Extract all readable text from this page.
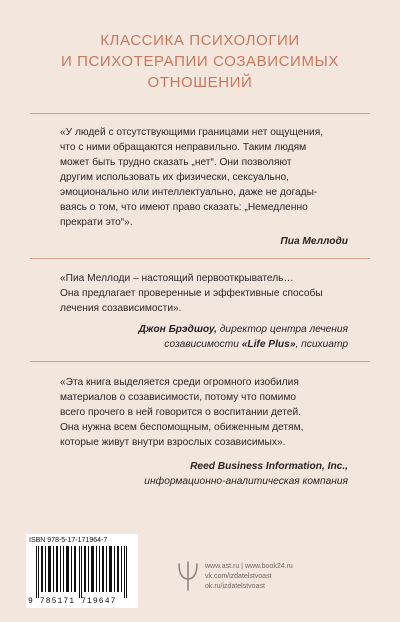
КЛАССИКА ПСИХОЛОГИИ
И ПСИХОТЕРАПИИ СОЗАВИСИМЫХ
ОТНОШЕНИЙ
«У людей с отсутствующими границами нет ощущения,
что с ними обращаются неправильно. Таким людям
может быть трудно сказать „нет“. Они позволяют
другим использовать их физически, сексуально,
эмоционально или интеллектуально, даже не догады-
ваясь о том, что имеют право сказать: „Немедленно
прекрати это“».
Пиа Меллоди
«Пиа Меллоди – настоящий первооткрыватель…
Она предлагает проверенные и эффективные способы
лечения созависимости».
Джон Брэдшоу, директор центра лечения
созависимости «Life Plus», психиатр
«Эта книга выделяется среди огромного изобилия
материалов о созависимости, потому что помимо
всего прочего в ней говорится о воспитании детей.
Она нужна всем беспомощным, обиженным детям,
которые живут внутри взрослых созависимых».
Reed Business Information, Inc.,
информационно-аналитическая компания
ISBN 978-5-17-171964-7
9 785171 719647
www.ast.ru | www.book24.ru
vk.com/izdatelstvoast
ok.ru/izdatelstvoast
